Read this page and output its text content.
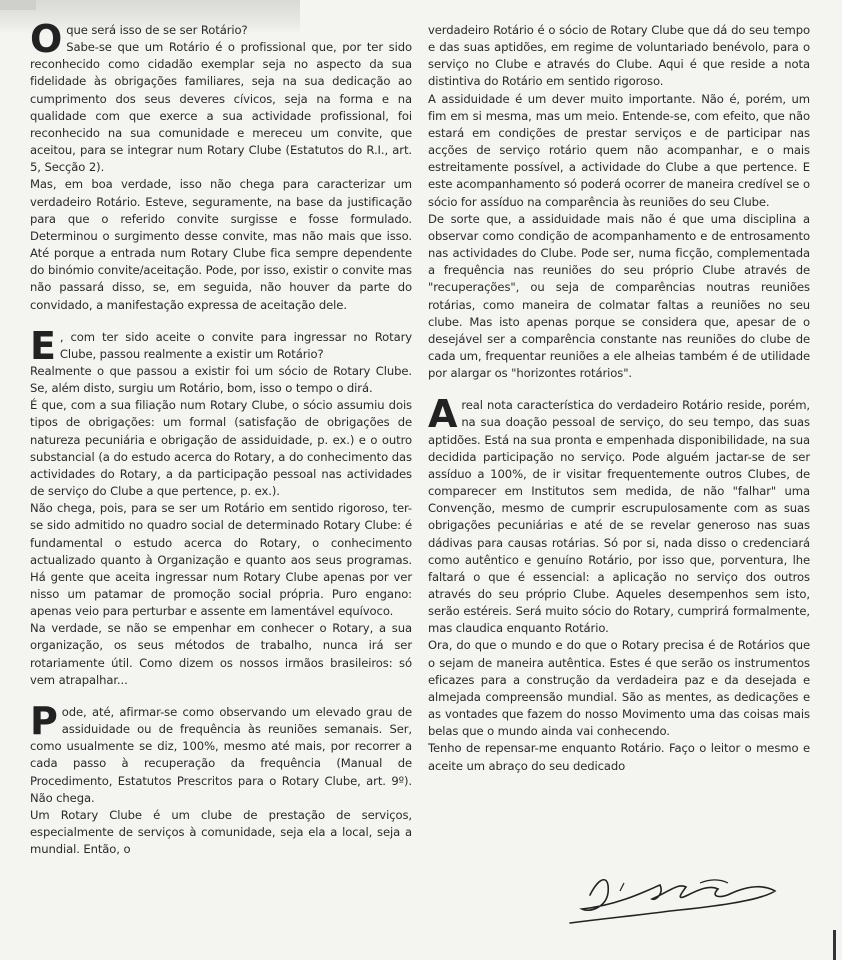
Oque será isso de se ser Rotário?

Sabe-se que um Rotário é o profissional que, por ter sido reconhecido como cidadão exemplar seja no aspecto da sua fidelidade às obrigações familiares, seja na sua dedicação ao cumprimento dos seus deveres cívicos, seja na forma e na qualidade com que exerce a sua actividade profissional, foi reconhecido na sua comunidade e mereceu um convite, que aceitou, para se integrar num Rotary Clube (Estatutos do R.I., art. 5, Secção 2).

Mas, em boa verdade, isso não chega para caracterizar um verdadeiro Rotário. Esteve, seguramente, na base da justificação para que o referido convite surgisse e fosse formulado. Determinou o surgimento desse convite, mas não mais que isso. Até porque a entrada num Rotary Clube fica sempre dependente do binómio convite/aceitação. Pode, por isso, existir o convite mas não passará disso, se, em seguida, não houver da parte do convidado, a manifestação expressa de aceitação dele.

E , com ter sido aceite o convite para ingressar no Rotary Clube, passou realmente a existir um Rotário?

Realmente o que passou a existir foi um sócio de Rotary Clube. Se, além disto, surgiu um Rotário, bom, isso o tempo o dirá.

É que, com a sua filiação num Rotary Clube, o sócio assumiu dois tipos de obrigações: um formal (satisfação de obrigações de natureza pecuniária e obrigação de assiduidade, p. ex.) e o outro substancial (a do estudo acerca do Rotary, a do conhecimento das actividades do Rotary, a da participação pessoal nas actividades de serviço do Clube a que pertence, p. ex.).

Não chega, pois, para se ser um Rotário em sentido rigoroso, ter-se sido admitido no quadro social de determinado Rotary Clube: é fundamental o estudo acerca do Rotary, o conhecimento actualizado quanto à Organização e quanto aos seus programas. Há gente que aceita ingressar num Rotary Clube apenas por ver nisso um patamar de promoção social própria. Puro engano: apenas veio para perturbar e assente em lamentável equívoco.

Na verdade, se não se empenhar em conhecer o Rotary, a sua organização, os seus métodos de trabalho, nunca irá ser rotariamente útil. Como dizem os nossos irmãos brasileiros: só vem atrapalhar...

Pode, até, afirmar-se como observando um elevado grau de assiduidade ou de frequência às reuniões semanais. Ser, como usualmente se diz, 100%, mesmo até mais, por recorrer a cada passo à recuperação da frequência (Manual de Procedimento, Estatutos Prescritos para o Rotary Clube, art. 9º). Não chega.

Um Rotary Clube é um clube de prestação de serviços, especialmente de serviços à comunidade, seja ela a local, seja a mundial. Então, o

verdadeiro Rotário é o sócio de Rotary Clube que dá do seu tempo e das suas aptidões, em regime de voluntariado benévolo, para o serviço no Clube e através do Clube. Aqui é que reside a nota distintiva do Rotário em sentido rigoroso.

A assiduidade é um dever muito importante. Não é, porém, um fim em si mesma, mas um meio. Entende-se, com efeito, que não estará em condições de prestar serviços e de participar nas acções de serviço rotário quem não acompanhar, e o mais estreitamente possível, a actividade do Clube a que pertence. E este acompanhamento só poderá ocorrer de maneira credível se o sócio for assíduo na comparência às reuniões do seu Clube.

De sorte que, a assiduidade mais não é que uma disciplina a observar como condição de acompanhamento e de entrosamento nas actividades do Clube. Pode ser, numa ficção, complementada a frequência nas reuniões do seu próprio Clube através de "recuperações", ou seja de comparências noutras reuniões rotárias, como maneira de colmatar faltas a reuniões no seu clube. Mas isto apenas porque se considera que, apesar de o desejável ser a comparência constante nas reuniões do clube de cada um, frequentar reuniões a ele alheias também é de utilidade por alargar os "horizontes rotários".

Areal nota característica do verdadeiro Rotário reside, porém, na sua doação pessoal de serviço, do seu tempo, das suas aptidões. Está na sua pronta e empenhada disponibilidade, na sua decidida participação no serviço. Pode alguém jactar-se de ser assíduo a 100%, de ir visitar frequentemente outros Clubes, de comparecer em Institutos sem medida, de não "falhar" uma Convenção, mesmo de cumprir escrupulosamente com as suas obrigações pecuniárias e até de se revelar generoso nas suas dádivas para causas rotárias. Só por si, nada disso o credenciará como autêntico e genuíno Rotário, por isso que, porventura, lhe faltará o que é essencial: a aplicação no serviço dos outros através do seu próprio Clube. Aqueles desempenhos sem isto, serão estéreis. Será muito sócio do Rotary, cumprirá formalmente, mas claudica enquanto Rotário.

Ora, do que o mundo e do que o Rotary precisa é de Rotários que o sejam de maneira autêntica. Estes é que serão os instrumentos eficazes para a construção da verdadeira paz e da desejada e almejada compreensão mundial. São as mentes, as dedicações e as vontades que fazem do nosso Movimento uma das coisas mais belas que o mundo ainda vai conhecendo.

Tenho de repensar-me enquanto Rotário. Faço o leitor o mesmo e aceite um abraço do seu dedicado
